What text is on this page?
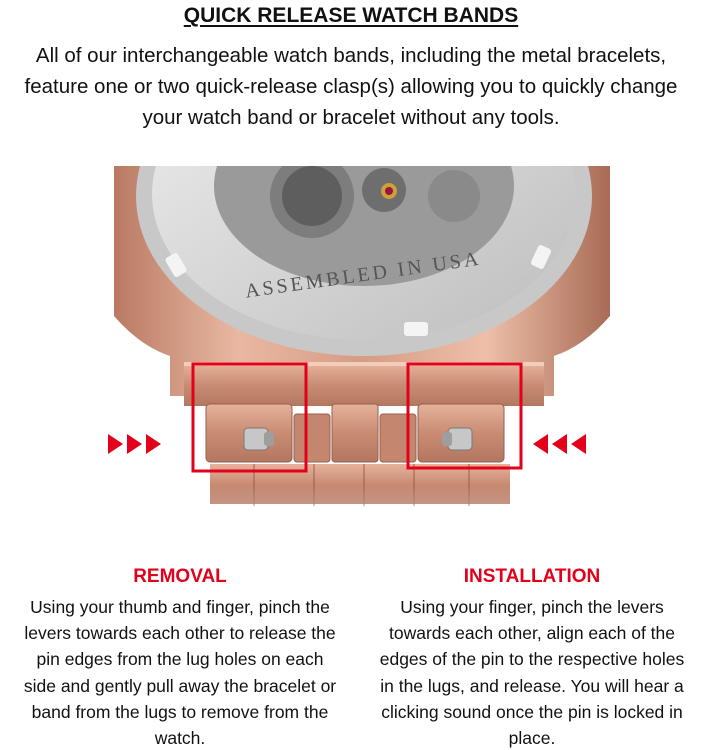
QUICK RELEASE WATCH BANDS
All of our interchangeable watch bands, including the metal bracelets, feature one or two quick-release clasp(s) allowing you to quickly change your watch band or bracelet without any tools.
ASSEMBLED IN USA
REMOVAL
Using your thumb and finger, pinch the levers towards each other to release the pin edges from the lug holes on each side and gently pull away the bracelet or band from the lugs to remove from the watch.
INSTALLATION
Using your finger, pinch the levers towards each other, align each of the edges of the pin to the respective holes in the lugs, and release. You will hear a clicking sound once the pin is locked in place.
